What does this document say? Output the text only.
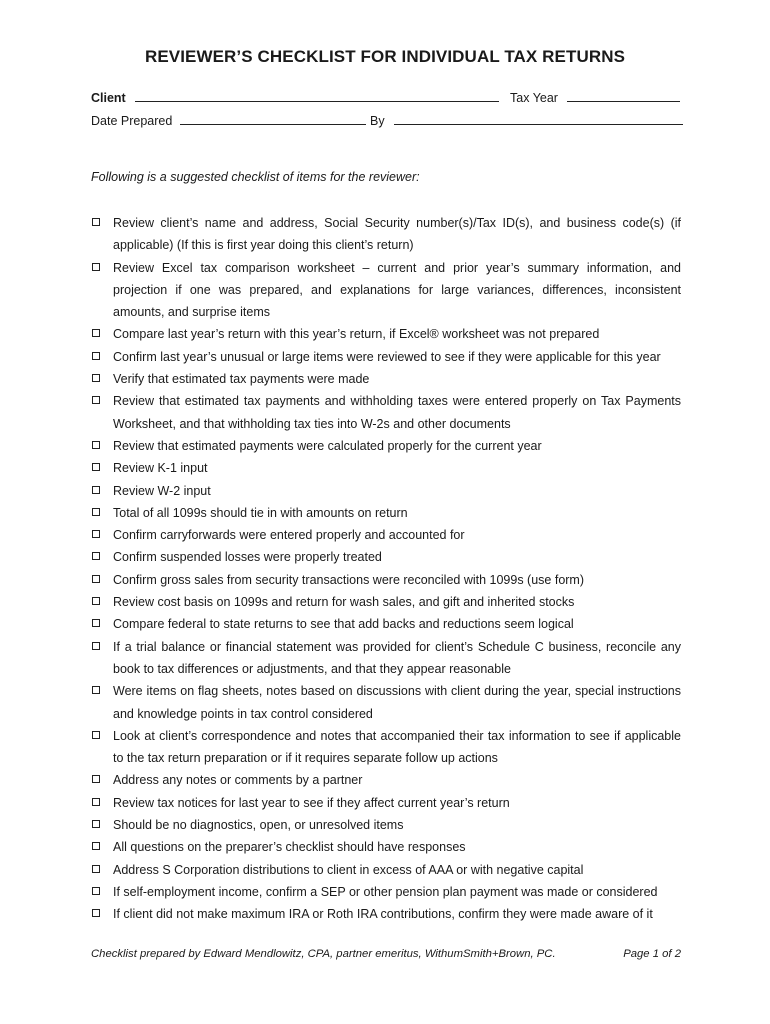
REVIEWER’S CHECKLIST FOR INDIVIDUAL TAX RETURNS
Client	Tax Year
Date Prepared	By
Following is a suggested checklist of items for the reviewer:
Review client’s name and address, Social Security number(s)/Tax ID(s), and business code(s) (if applicable) (If this is first year doing this client’s return)
Review Excel tax comparison worksheet – current and prior year’s summary information, and projection if one was prepared, and explanations for large variances, differences, inconsistent amounts, and surprise items
Compare last year’s return with this year’s return, if Excel® worksheet was not prepared
Confirm last year’s unusual or large items were reviewed to see if they were applicable for this year
Verify that estimated tax payments were made
Review that estimated tax payments and withholding taxes were entered properly on Tax Payments Worksheet, and that withholding tax ties into W-2s and other documents
Review that estimated payments were calculated properly for the current year
Review K-1 input
Review W-2 input
Total of all 1099s should tie in with amounts on return
Confirm carryforwards were entered properly and accounted for
Confirm suspended losses were properly treated
Confirm gross sales from security transactions were reconciled with 1099s (use form)
Review cost basis on 1099s and return for wash sales, and gift and inherited stocks
Compare federal to state returns to see that add backs and reductions seem logical
If a trial balance or financial statement was provided for client’s Schedule C business, reconcile any book to tax differences or adjustments, and that they appear reasonable
Were items on flag sheets, notes based on discussions with client during the year, special instructions and knowledge points in tax control considered
Look at client’s correspondence and notes that accompanied their tax information to see if applicable to the tax return preparation or if it requires separate follow up actions
Address any notes or comments by a partner
Review tax notices for last year to see if they affect current year’s return
Should be no diagnostics, open, or unresolved items
All questions on the preparer’s checklist should have responses
Address S Corporation distributions to client in excess of AAA or with negative capital
If self-employment income, confirm a SEP or other pension plan payment was made or considered
If client did not make maximum IRA or Roth IRA contributions, confirm they were made aware of it
Checklist prepared by Edward Mendlowitz, CPA, partner emeritus, WithumSmith+Brown, PC.	Page 1 of 2
